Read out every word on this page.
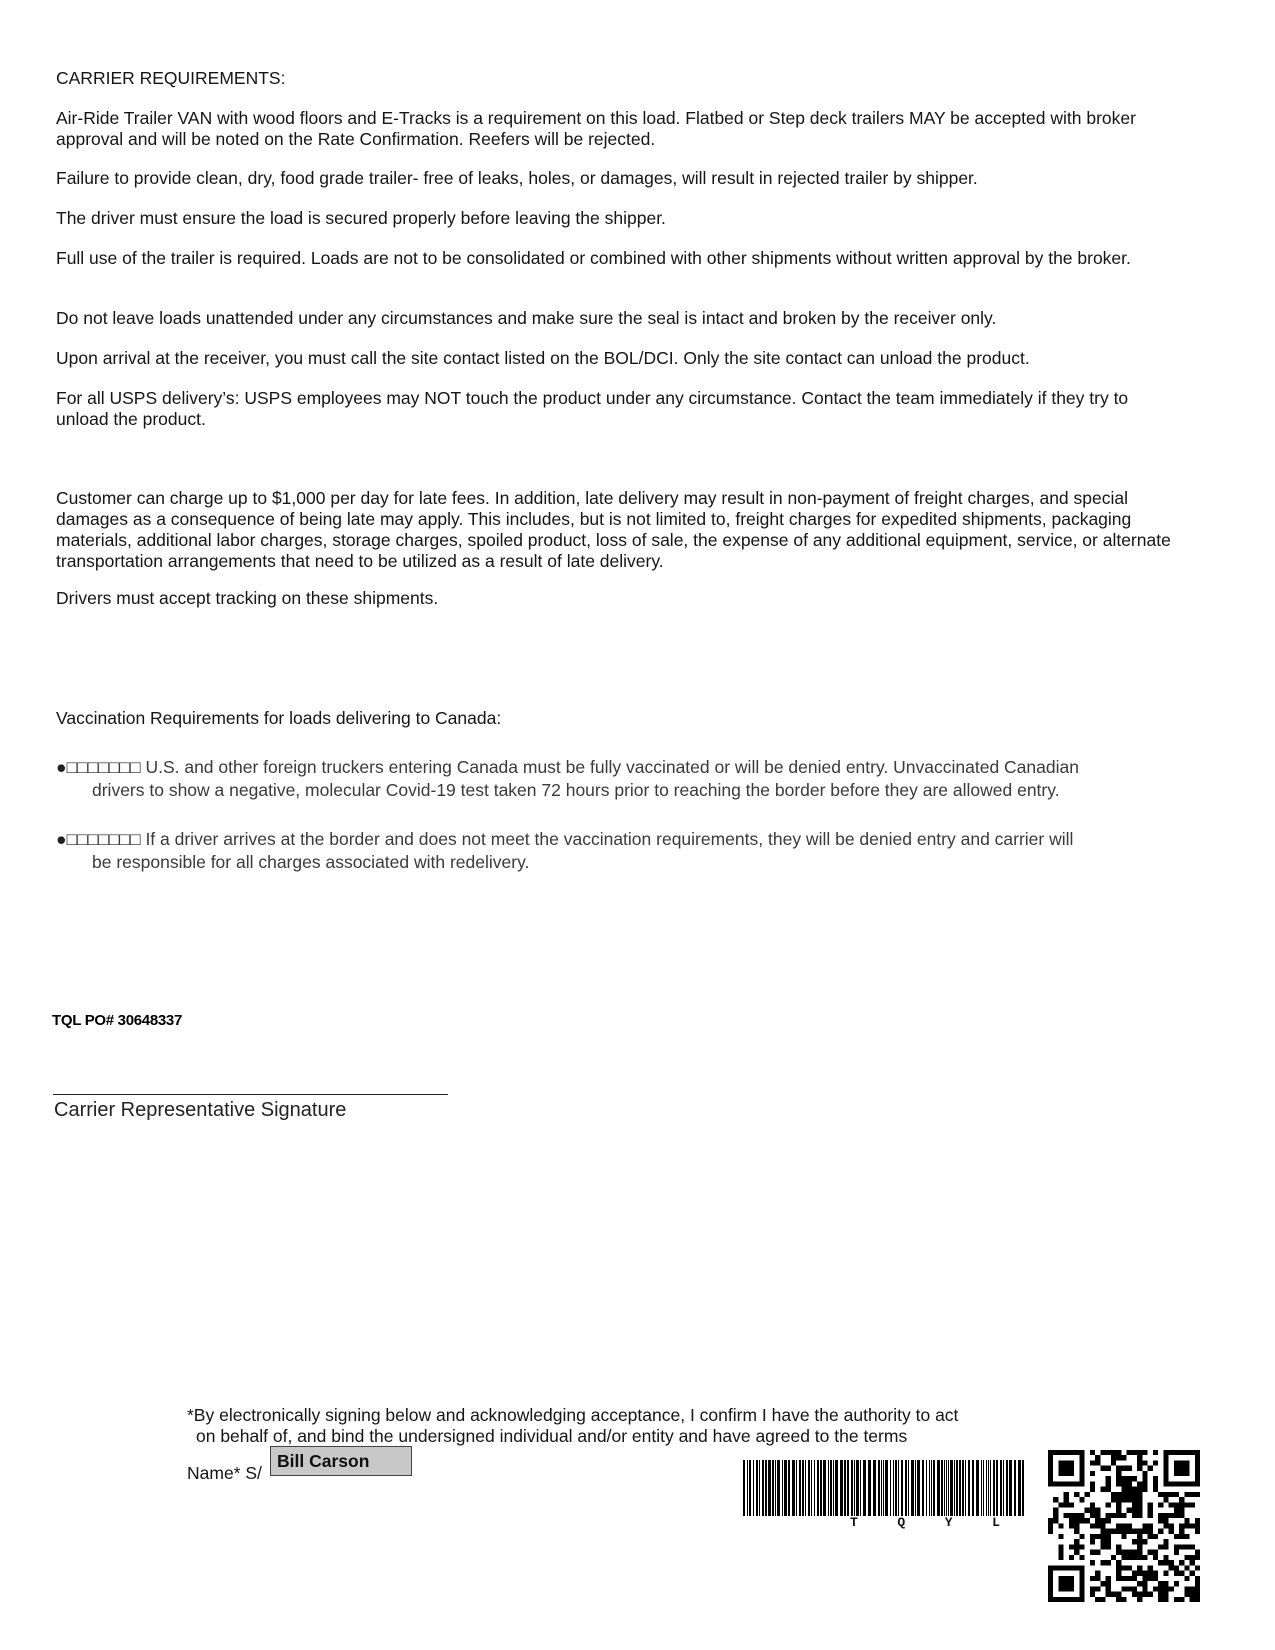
CARRIER REQUIREMENTS:
Air-Ride Trailer VAN with wood floors and E-Tracks is a requirement on this load. Flatbed or Step deck trailers MAY be accepted with broker approval and will be noted on the Rate Confirmation. Reefers will be rejected.
Failure to provide clean, dry, food grade trailer- free of leaks, holes, or damages, will result in rejected trailer by shipper.
The driver must ensure the load is secured properly before leaving the shipper.
Full use of the trailer is required. Loads are not to be consolidated or combined with other shipments without written approval by the broker.
Do not leave loads unattended under any circumstances and make sure the seal is intact and broken by the receiver only.
Upon arrival at the receiver, you must call the site contact listed on the BOL/DCI. Only the site contact can unload the product.
For all USPS delivery’s: USPS employees may NOT touch the product under any circumstance. Contact the team immediately if they try to unload the product.
Customer can charge up to $1,000 per day for late fees. In addition, late delivery may result in non-payment of freight charges, and special damages as a consequence of being late may apply. This includes, but is not limited to, freight charges for expedited shipments, packaging materials, additional labor charges, storage charges, spoiled product, loss of sale, the expense of any additional equipment, service, or alternate transportation arrangements that need to be utilized as a result of late delivery.
Drivers must accept tracking on these shipments.
Vaccination Requirements for loads delivering to Canada:
●□□□□□□□ U.S. and other foreign truckers entering Canada must be fully vaccinated or will be denied entry. Unvaccinated Canadian
drivers to show a negative, molecular Covid-19 test taken 72 hours prior to reaching the border before they are allowed entry.
●□□□□□□□ If a driver arrives at the border and does not meet the vaccination requirements, they will be denied entry and carrier will
be responsible for all charges associated with redelivery.
TQL PO# 30648337
Carrier Representative Signature
*By electronically signing below and acknowledging acceptance, I confirm I have the authority to act
on behalf of, and bind the undersigned individual and/or entity and have agreed to the terms
Name* S/
Bill Carson
T	Q	Y	L
